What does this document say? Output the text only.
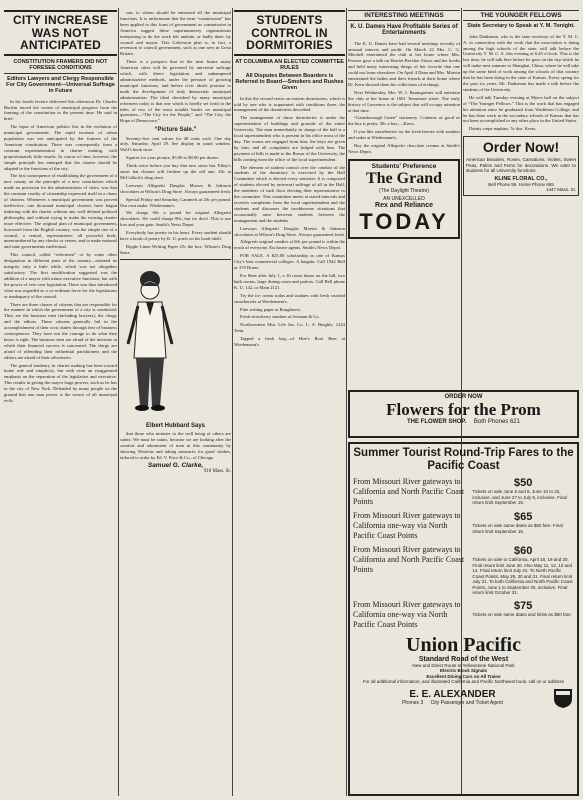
CITY INCREASE WAS NOT ANTICIPATED
CONSTITUTION FRAMERS DID NOT FORESEE CONDITIONS
Editors Lawyers and Clergy Responsible For City Government—Universal Suffrage in Future

In his fourth lecture delivered this afternoon Dr. Charles Ruckin traced the course of municipal progress from the framing of the constitution to the present time. He said in brief:

The lapse of American politics lies in the evolution of municipal government. The rapid increase of urban population was not anticipated by the framers of the American constitution. There was consequently from a constant experimentation in charter making, with proportionately little results. In course of time, however, the simple principle has emerged that the charter should be adapted to the functions of the city.

The first consequence of establishing the government of a new county on the principle of a new constitution which made no provision for the administration of cities, was that the constant cruelty of citizenship expressed itself in a chaos of charters. Whenever a municipal government was proved ineffective, one thousand municipal charters have begun tinkering with the charter without any well defined political philosophy, and without trying to make the existing charter more effective. The original plan of municipal government, borrowed from the English country, was the simple one of a council, a central, representative, all powerful body, unencumbered by any checks or vetoes, and to make national and state governments ineffectual.

This council, called “selectmen” or by some other designation in different parts of the country—retained its integrity only a little while, which was not altogether satisfactory. The first modification suggested was the addition of a mayor with minor executive functions, but with the power of veto over legislation. There was thus introduced what was regarded as a co-ordinate force for the legislatures or inadequacy of the council.

There are three classes of citizens that are responsible for the manner in which the government of a city is conducted. They are the business men (including lawyers), the clergy and the editors. These citizens generally fail in the accomplishment of their civic duties through fear of business consequences. They have not the courage to do what they know is right. The business men are afraid of the interests in which their financial success is concerned. The clergy are afraid of offending their influential parishioners and the editors are afraid of their advertisers.

The general tendency in charter making has been toward home rule and simplicity, but with even an exaggerated emphasis on the separation of the legislative and executive. This results in giving the mayor large powers, such as he has in the city of New York. Defended by many people on the ground that one man power is the source of all municipal evils.

son, to whom should be entrusted all the municipal functions. It is unfortunate that the term “commission” has been applied to this form of government as commission in America suggest these supernumerary organizations interposing to do the work left undone, or badly done, by council and mayor. This Galveston plan is, in fact, a reversion to council government, such as one sees in Great Britain.

There is a prospect that in the near future many American cities will be governed by universal suffrage which, with direct legislation and unhampered administrative methods, under the pressure of growing municipal functions, and before civic ideals promise to mark the development of truly democratic municipal administration. The ideal cherished by many municipal reformers today is that one which is briefly set forth in the titles of two of the most notable books on municipal questions—“The City for the People,” and “The City, the Hope of Democracy.”

“Picture Sale.”

Seventy-five cent values for 40 cents each. One day only, Saturday, April 29. See display in south window. Wolf's book store.

Squires for your picture, $5.00 to $8.00 per dozen.

Think twice before you buy that new straw hat. Elbay's straw hat cleaner will freshen up the old one. 20c at McCullock's drug store.

Loewnys Allegretti Douglas Morses & Johnson chocolates at Wilson's Drug Store. Always guaranteed fresh.

Special Friday and Saturday, Caramels at 20c per pound. Our own make. Wiedemann's.

We charge 60c a pound for original Allegretti chocolates. We could charge 80c, but we don't. This is our loss and your gain. Smith's News Depot.

Everybody has poetry in his heart. Every student should have a book of poetry by K. U. poets on his book-shelf.

Ripple Linen Writing Paper 25c the box. Wilson's Drug Store.

Elbert Hubbard Says

that those who minister to the well being of others are saints. We must be saints, because we are looking after the comfort and adornment of men in this community by showing Woolens and taking measures for good clothes, tailored to order by Ed. V. Price & Co., of Chicago.

Samuel G. Clarke,
910 Mass. St.
STUDENTS CONTROL IN DORMITORIES
AT COLUMBIA AN ELECTED COMMITTEE RULES
All Disputes Between Boarders is Referred to Board—Smokers and Rushes Given

In this the second series on eastern dormitories, which is told by one who is acquainted with conditions there, the management of the dormitories described.

The management of these dormitories is under the superintendent of buildings and grounds of the entire University. The man immediately in charge of the hall is a local superintendent who is present in his office most of the day. The rooms are engaged from him; the keys are given by him; and all complaints are lodged with him. The payment of bills is made to the Bursar of the University, the bills coming from the office of the local superintendent.

The element of student control over the conduct of the students of the dormitory is exercised by the Hall Committee which is elected every semester. It is composed of students elected by universal suffrage of all in the Hall, the members of each floor electing their representative to the committee. This committee meets at stated intervals and receives complaints from the local superintendent and the students and discusses the troublesome situations that occasionally arise between students between the management and the students.

Loewnys Allegretti Douglas Morses & Johnson chocolates at Wilson's Drug Store. Always guaranteed fresh.

Allegretti original candies at 60c per pound is within the reach of everyone. Exclusive agents, Smith's News Depot.

FOR SALE. A $25.00 scholarship in one of Kansas City's best commercial colleges. A bargain. Call 1942 Bell or 370 Home.

For Rent after July 1, a 16 room house on the hill, two bath rooms, large dining room and parlors. Call Bell phone K. U. 142, or Main 2121.

Try the ice cream sodas and sundaes with fresh crushed strawberries at Wiedemann's.

Fine writing paper at Boughton's.

Fresh strawberry sundaes at Soxman & Co.

Northwestern Mut. Life Ins. Co. L. S. Berghly. 1224 Tenn.

Tapped a fresh keg—of Hire's Root Beer at Wiedemann's.

INTERESTING MEETINGS
K. U. Dames Have Profitable Series of Entertainments

The K. U. Dames have had several meetings recently of unusual interest and profit. On March 22 Mrs. C. G. Mitchell entertained the club at her home where Mrs. Prosser gave a talk on Harriet Beecher Stowe and her books and held many interesting things of her favorite that one could not learn elsewhere. On April 4 Dean and Mrs. Marvin entertained the ladies and their friends at their home where Dr. Kern showed them his collections of etchings.

Next Wednesday, Mrs. W. J. Baumgartner will entertain the club at her home at 1601 Tennessee street. The early history of Lawrence is the subject that will occupy attention at that time.

“Gainsborough Linen” stationery. Contents as good as the box is pretty. 50c a box.—Kress.

If you like strawberries try the fresh berries with sundaes and sodas at Wiedemann's.

Buy the original Allegretti chocolate creams at Smith's News Depot.

Students' Preference
The Grand
(The Daylight Theatre)
AN UNEXCELLED
Rex and Reliance
TODAY
THE YOUNGER FELLOWS
State Secretary to Speak at Y. M. Tonight.

John Dadisman, who is the state secretary of the Y. M. C. A. in connection with the work that the association is doing among the high schools of the state, will talk before the University Y. M. C. A. this evening at 6:45 o'clock. This is the last time, he will talk here before he goes on the trip which he will make next summer to Shanghai, China, where he will take up the same kind of work among the schools of that country that he has been doing in the state of Kansas. Every spring for the past six years, Mr. Dadisman has made a talk before the students of the University.

He will talk Tuesday evening at Myers hall on the subject of “The Younger Fellows.” This is the work that has engaged his attention since he graduated from Washburn College, and he has done work in the secondary schools of Kansas that has not been accomplished in any other place in the United States.

Dainty crepe napkins, 5c doz. Kress.

Order Now!
American Beauties, Roses, Carnations, Violets, Sweet Peas, Palms and Ferns for decorations. We cater to students for all University functions.
KLINE FLORAL CO.,
Bell Phone 55. Home Phone 655
1447 Mass. St.
ORDER NOW
Flowers for the Prom
THE FLOWER SHOP. Both Phones 621
Summer Tourist Round-Trip Fares to the Pacific Coast
From Missouri River gateways to California and North Pacific Coast Points
$50
Tickets on sale June 5 and 6, June 10 to 22, inclusive, and June 27 to July 5, inclusive. Final return limit September 15.
From Missouri River gateways to California one-way via North Pacific Coast Points
$65
Tickets on sale same dates as $50 fare. Final return limit September 15.
From Missouri River gateways to California and North Pacific Coast Points
$60
Tickets on sale to California, April 18, 19 and 20. Final return limit June 30. Also May 11, 12, 13 and 14. Final return limit July 31. To North Pacific Coast Points, May 29, 30 and 31. Final return limit July 31. To both California and North Pacific Coast Points, June 1 to September 30, inclusive. Final return limit October 31.
From Missouri River gateways to California one-way via North Pacific Coast Points
$75
Tickets on sale same dates and limits as $60 fare.
Union Pacific
Standard Road of the West
New and Direct Route to Yellowstone National Park
Electric Block Signals
Excellent Dining Cars on All Trains
For all additional information, and illustrated California and Pacific Northwest book, call on or address
E. E. ALEXANDER
Phones 3 City Passenger and Ticket Agent
